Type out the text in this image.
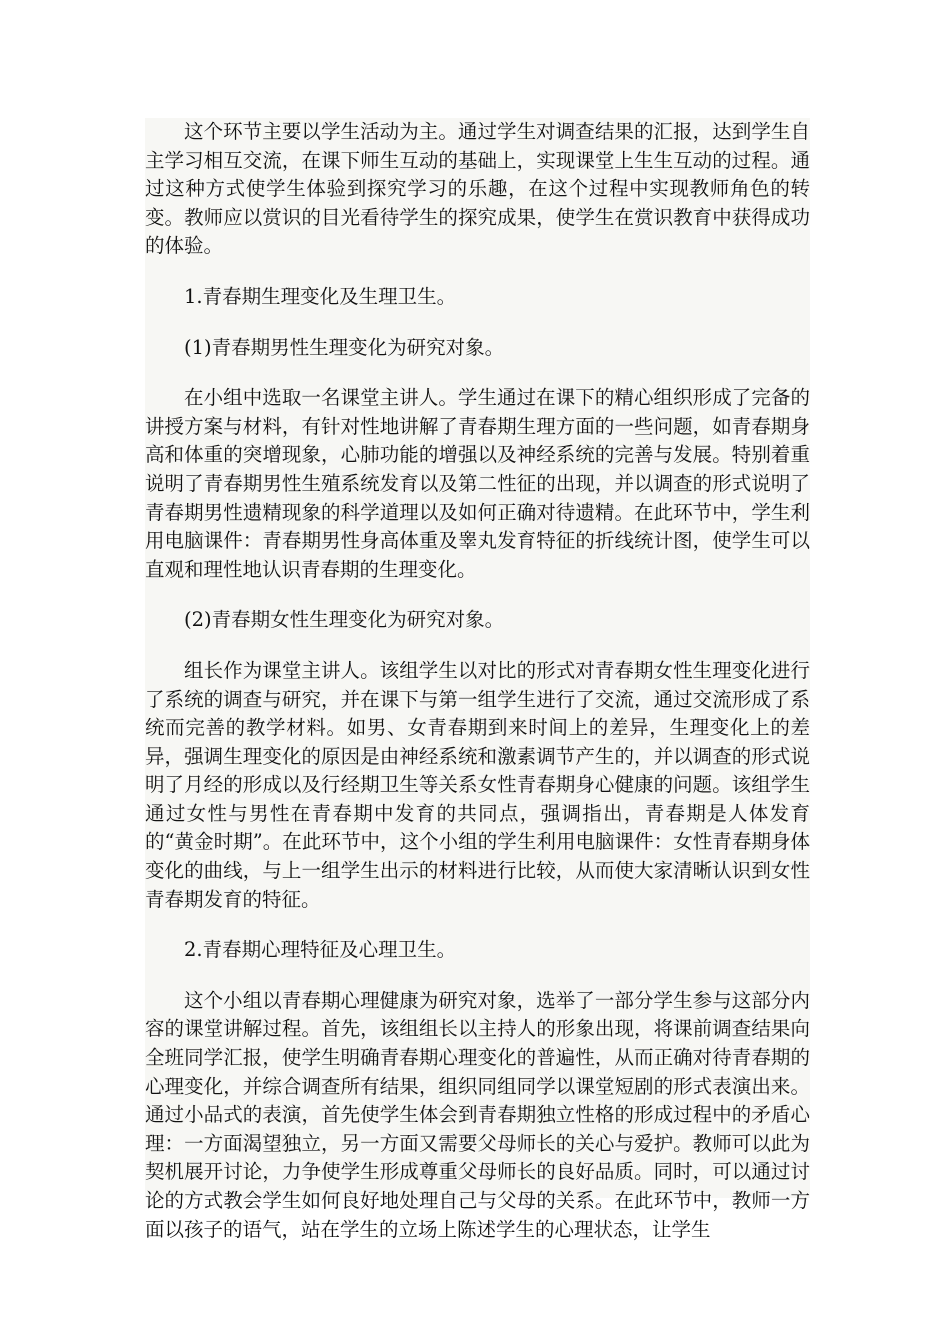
这个环节主要以学生活动为主。通过学生对调查结果的汇报，达到学生自主学习相互交流，在课下师生互动的基础上，实现课堂上生生互动的过程。通过这种方式使学生体验到探究学习的乐趣，在这个过程中实现教师角色的转变。教师应以赏识的目光看待学生的探究成果，使学生在赏识教育中获得成功的体验。

1.青春期生理变化及生理卫生。

(1)青春期男性生理变化为研究对象。

在小组中选取一名课堂主讲人。学生通过在课下的精心组织形成了完备的讲授方案与材料，有针对性地讲解了青春期生理方面的一些问题，如青春期身高和体重的突增现象，心肺功能的增强以及神经系统的完善与发展。特别着重说明了青春期男性生殖系统发育以及第二性征的出现，并以调查的形式说明了青春期男性遗精现象的科学道理以及如何正确对待遗精。在此环节中，学生利用电脑课件：青春期男性身高体重及睾丸发育特征的折线统计图，使学生可以直观和理性地认识青春期的生理变化。

(2)青春期女性生理变化为研究对象。

组长作为课堂主讲人。该组学生以对比的形式对青春期女性生理变化进行了系统的调查与研究，并在课下与第一组学生进行了交流，通过交流形成了系统而完善的教学材料。如男、女青春期到来时间上的差异，生理变化上的差异，强调生理变化的原因是由神经系统和激素调节产生的，并以调查的形式说明了月经的形成以及行经期卫生等关系女性青春期身心健康的问题。该组学生通过女性与男性在青春期中发育的共同点，强调指出，青春期是人体发育的“黄金时期”。在此环节中，这个小组的学生利用电脑课件：女性青春期身体变化的曲线，与上一组学生出示的材料进行比较，从而使大家清晰认识到女性青春期发育的特征。

2.青春期心理特征及心理卫生。

这个小组以青春期心理健康为研究对象，选举了一部分学生参与这部分内容的课堂讲解过程。首先，该组组长以主持人的形象出现，将课前调查结果向全班同学汇报，使学生明确青春期心理变化的普遍性，从而正确对待青春期的心理变化，并综合调查所有结果，组织同组同学以课堂短剧的形式表演出来。通过小品式的表演，首先使学生体会到青春期独立性格的形成过程中的矛盾心理：一方面渴望独立，另一方面又需要父母师长的关心与爱护。教师可以此为契机展开讨论，力争使学生形成尊重父母师长的良好品质。同时，可以通过讨论的方式教会学生如何良好地处理自己与父母的关系。在此环节中，教师一方面以孩子的语气，站在学生的立场上陈述学生的心理状态，让学生
